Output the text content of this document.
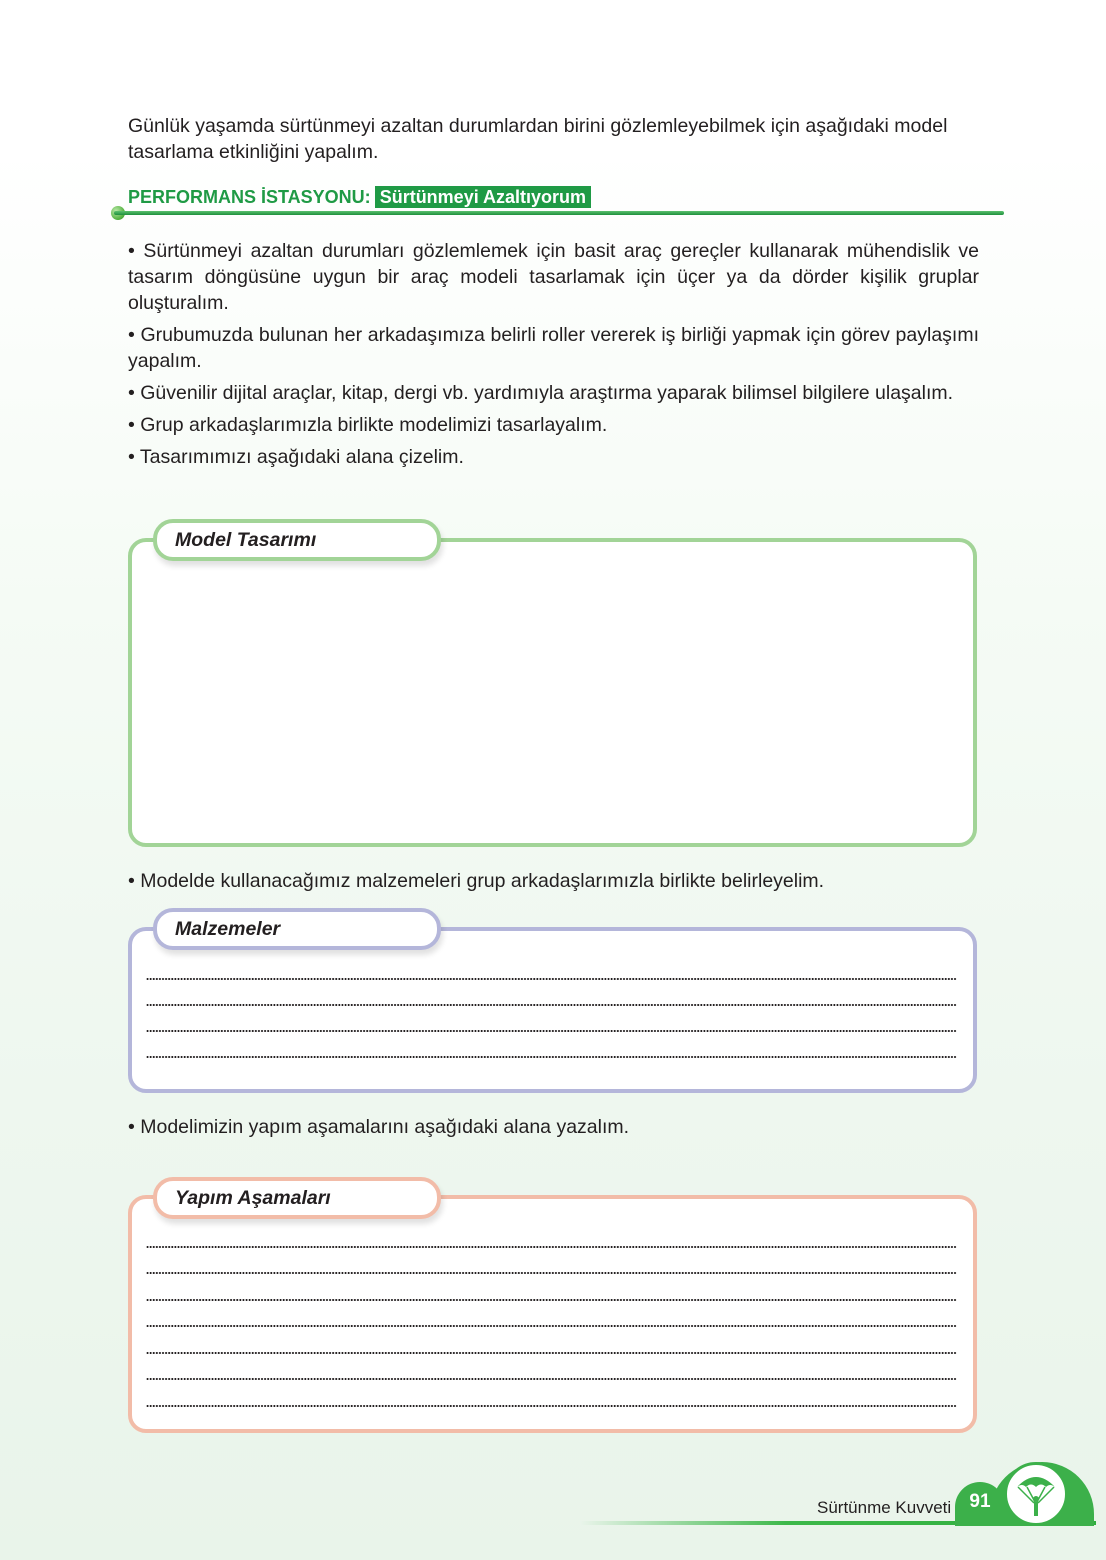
Günlük yaşamda sürtünmeyi azaltan durumlardan birini gözlemleyebilmek için aşağıdaki model tasarlama etkinliğini yapalım.
PERFORMANS İSTASYONU: Sürtünmeyi Azaltıyorum

• Sürtünmeyi azaltan durumları gözlemlemek için basit araç gereçler kullanarak mühendislik ve tasarım döngüsüne uygun bir araç modeli tasarlamak için üçer ya da dörder kişilik gruplar oluşturalım.

• Grubumuzda bulunan her arkadaşımıza belirli roller vererek iş birliği yapmak için görev paylaşımı yapalım.

• Güvenilir dijital araçlar, kitap, dergi vb. yardımıyla araştırma yaparak bilimsel bilgilere ulaşalım.

• Grup arkadaşlarımızla birlikte modelimizi tasarlayalım.

• Tasarımımızı aşağıdaki alana çizelim.

Model Tasarımı
• Modelde kullanacağımız malzemeleri grup arkadaşlarımızla birlikte belirleyelim.
Malzemeler
• Modelimizin yapım aşamalarını aşağıdaki alana yazalım.
Yapım Aşamaları
Sürtünme Kuvveti 91
